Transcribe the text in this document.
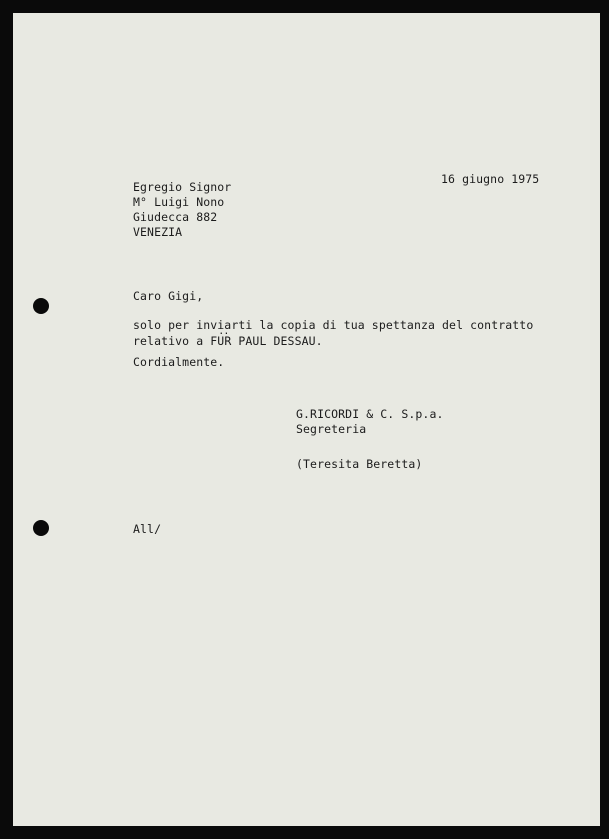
16 giugno 1975
Egregio Signor
M° Luigi Nono
Giudecca 882
VENEZIA
Caro Gigi,
solo per inviarti la copia di tua spettanza del contratto
relativo a F.. UR PAUL DESSAU.
Cordialmente.
G.RICORDI & C. S.p.a.
Segreteria
(Teresita Beretta)
All/
